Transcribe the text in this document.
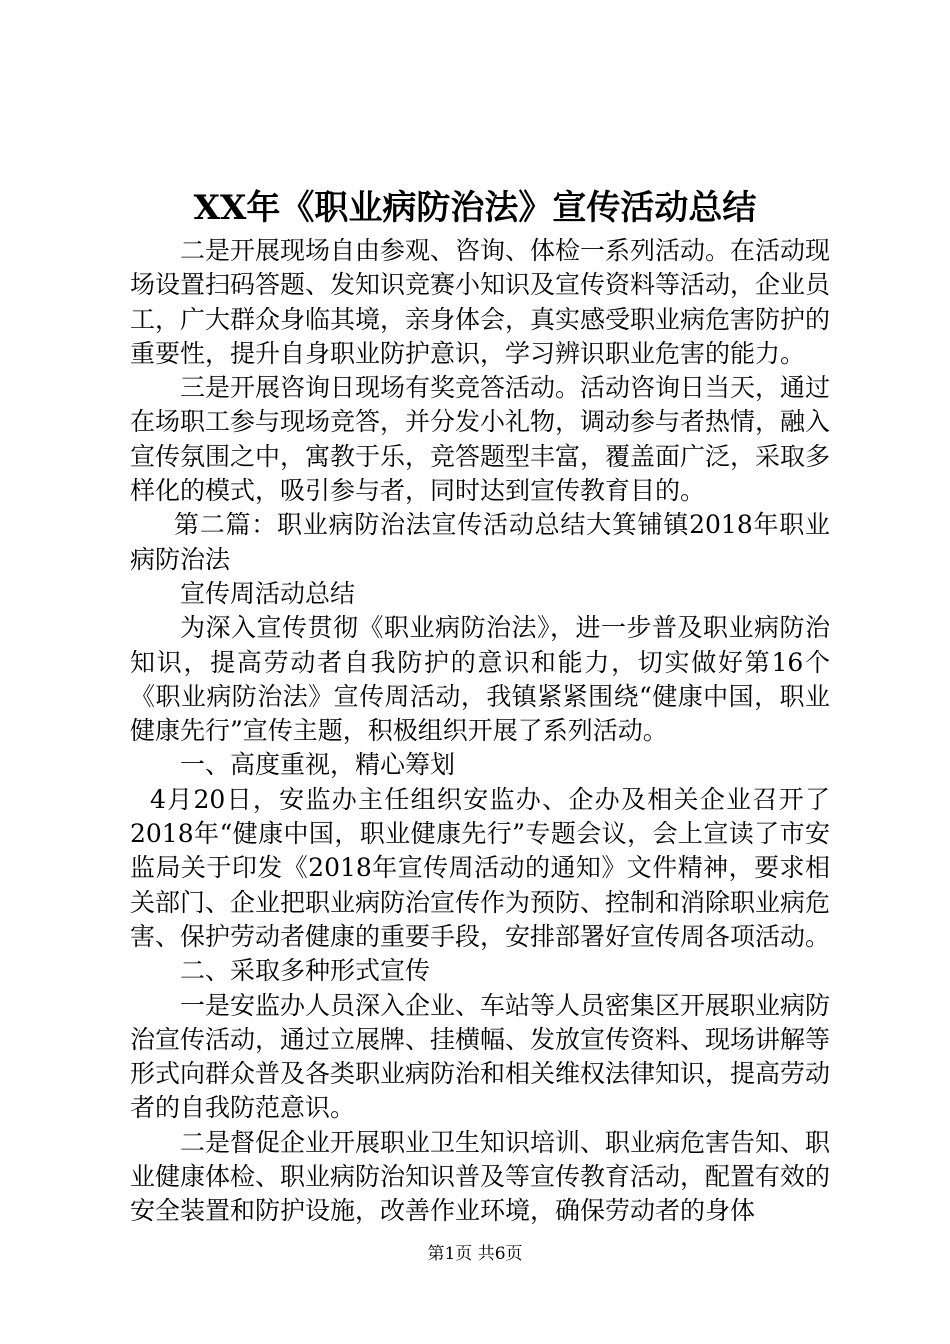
XX年《职业病防治法》宣传活动总结

二是开展现场自由参观、咨询、体检一系列活动。在活动现场设置扫码答题、发知识竞赛小知识及宣传资料等活动，企业员工，广大群众身临其境，亲身体会，真实感受职业病危害防护的重要性，提升自身职业防护意识，学习辨识职业危害的能力。

三是开展咨询日现场有奖竞答活动。活动咨询日当天，通过在场职工参与现场竞答，并分发小礼物，调动参与者热情，融入宣传氛围之中，寓教于乐，竞答题型丰富，覆盖面广泛，采取多样化的模式，吸引参与者，同时达到宣传教育目的。

第二篇：职业病防治法宣传活动总结大箕铺镇2018年职业病防治法

宣传周活动总结

为深入宣传贯彻《职业病防治法》，进一步普及职业病防治知识，提高劳动者自我防护的意识和能力，切实做好第16个《职业病防治法》宣传周活动，我镇紧紧围绕“健康中国，职业健康先行”宣传主题，积极组织开展了系列活动。

一、高度重视，精心筹划

4月20日，安监办主任组织安监办、企办及相关企业召开了2018年“健康中国，职业健康先行”专题会议，会上宣读了市安监局关于印发《2018年宣传周活动的通知》文件精神，要求相关部门、企业把职业病防治宣传作为预防、控制和消除职业病危害、保护劳动者健康的重要手段，安排部署好宣传周各项活动。

二、采取多种形式宣传

一是安监办人员深入企业、车站等人员密集区开展职业病防治宣传活动，通过立展牌、挂横幅、发放宣传资料、现场讲解等形式向群众普及各类职业病防治和相关维权法律知识，提高劳动者的自我防范意识。

二是督促企业开展职业卫生知识培训、职业病危害告知、职业健康体检、职业病防治知识普及等宣传教育活动，配置有效的安全装置和防护设施，改善作业环境，确保劳动者的身体

第1页 共6页
